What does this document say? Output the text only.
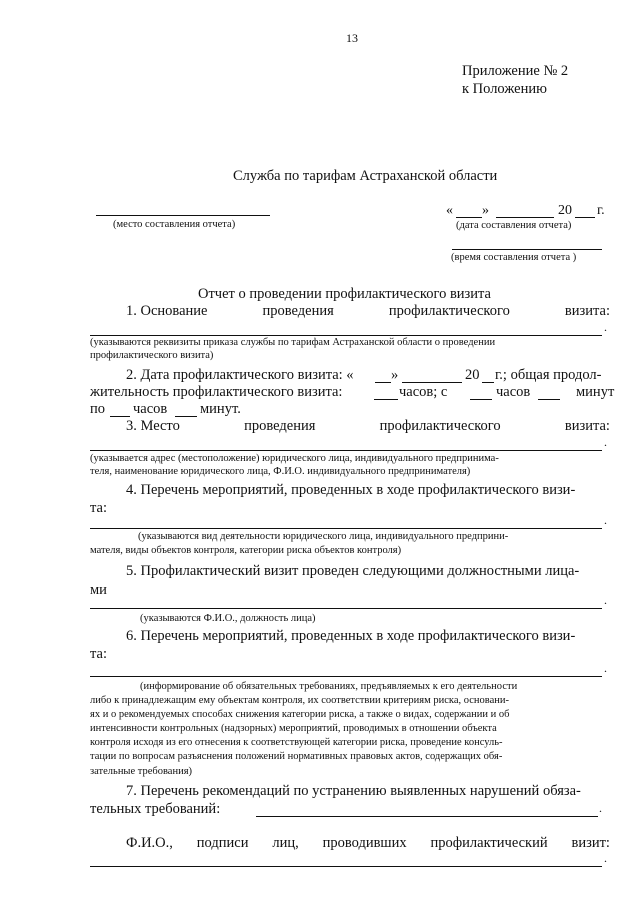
13
Приложение № 2
к Положению
Служба по тарифам Астраханской области
(место составления отчета)
« »	20 г.
(дата составления отчета)
(время составления отчета )
Отчет о проведении профилактического визита
1. Основание	проведения	профилактического	визита:
.
(указываются реквизиты приказа службы по тарифам Астраханской области о проведении
профилактического визита)
2. Дата профилактического визита: «	»	20 г.; общая продол-
жительность профилактического визита:	часов; с	часов	минут
по часов минут.
3. Место	проведения	профилактического	визита:
.
(указывается адрес (местоположение) юридического лица, индивидуального предпринима-
теля, наименование юридического лица, Ф.И.О. индивидуального предпринимателя)
4. Перечень мероприятий, проведенных в ходе профилактического визи-
та:
.
(указываются вид деятельности юридического лица, индивидуального предприни-
мателя, виды объектов контроля, категории риска объектов контроля)
5. Профилактический визит проведен следующими должностными лица-
ми
.
(указываются Ф.И.О., должность лица)
6. Перечень мероприятий, проведенных в ходе профилактического визи-
та:
.
(информирование об обязательных требованиях, предъявляемых к его деятельности
либо к принадлежащим ему объектам контроля, их соответствии критериям риска, основани-
ях и о рекомендуемых способах снижения категории риска, а также о видах, содержании и об
интенсивности контрольных (надзорных) мероприятий, проводимых в отношении объекта
контроля исходя из его отнесения к соответствующей категории риска, проведение консуль-
тации по вопросам разъяснения положений нормативных правовых актов, содержащих обя-
зательные требования)
7. Перечень рекомендаций по устранению выявленных нарушений обяза-
тельных требований:	.
Ф.И.О., подписи лиц, проводивших профилактический визит:
.
